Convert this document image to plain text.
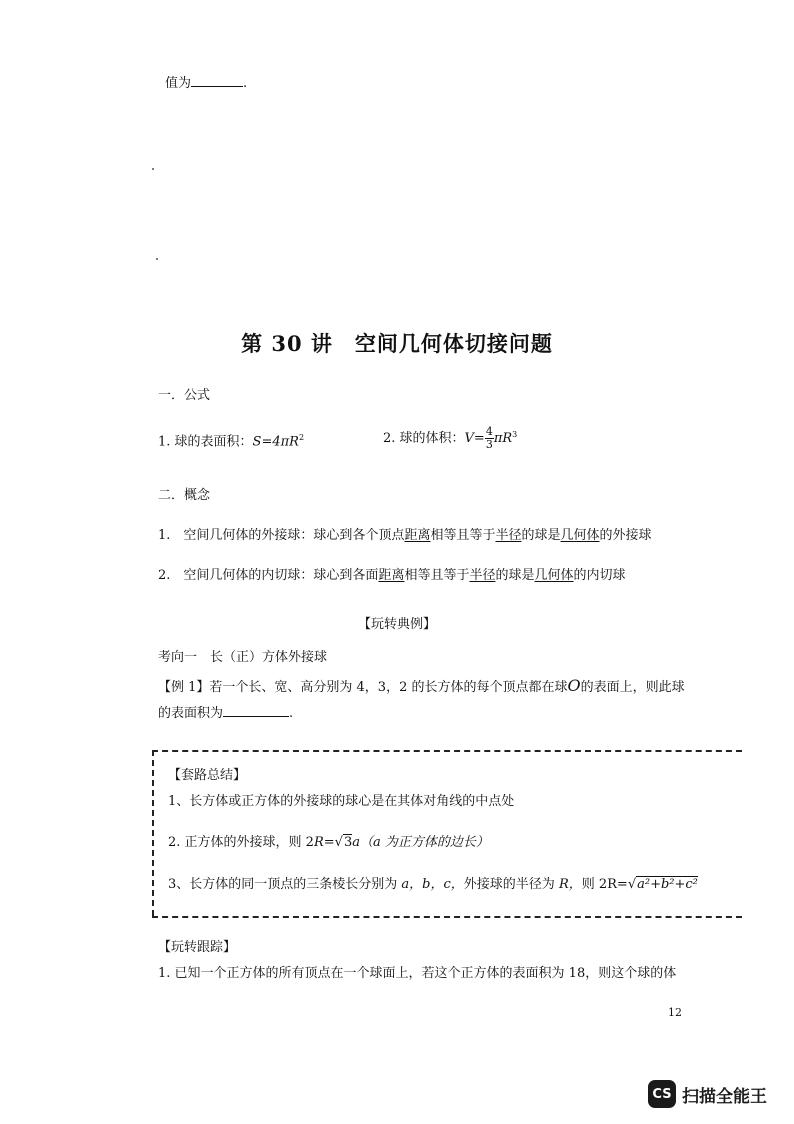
值为	.
第 30 讲　空间几何体切接问题
一．公式
1. 球的表面积：$S=4\pi R^2$	2. 球的体积：$V= \frac{4}{3} \pi R^3$
二．概念
1.　 空间几何体的外接球：球心到各个顶点距离相等且等于半径的球是几何体的外接球
2.　 空间几何体的内切球：球心到各面距离相等且等于半径的球是几何体的内切球
【玩转典例】
考向一　长（正）方体外接球
【例 1】若一个长、宽、高分别为 4，3，2 的长方体的每个顶点都在球O的表面上，则此球
的表面积为	.
【套路总结】
1、长方体或正方体的外接球的球心是在其体对角线的中点处
2. 正方体的外接球，则 2R=√3a（a 为正方体的边长）
3、长方体的同一顶点的三条棱长分别为 a，b，c，外接球的半径为 R，则 2R=√a²+b²+c²
【玩转跟踪】
1. 已知一个正方体的所有顶点在一个球面上，若这个正方体的表面积为 18，则这个球的体
12
CS 扫描全能王
